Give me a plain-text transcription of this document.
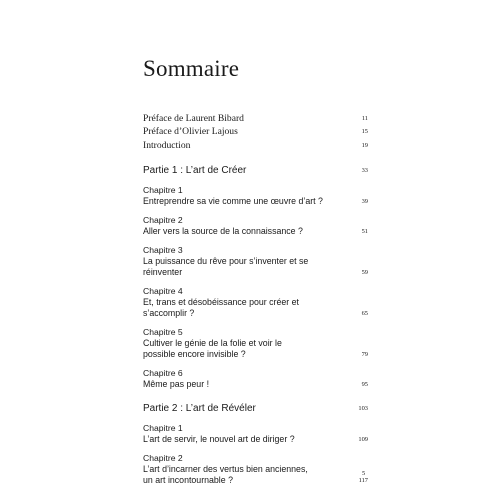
Sommaire
Préface de Laurent Bibard	11
Préface d’Olivier Lajous	15
Introduction	19
Partie 1 : L’art de Créer	33
Chapitre 1
Entreprendre sa vie comme une œuvre d’art ?	39
Chapitre 2
Aller vers la source de la connaissance ?	51
Chapitre 3
La puissance du rêve pour s’inventer et se réinventer	59
Chapitre 4
Et, trans et désobéissance pour créer et s’accomplir ?	65
Chapitre 5
Cultiver le génie de la folie et voir le possible encore invisible ?	79
Chapitre 6
Même pas peur !	95
Partie 2 : L’art de Révéler	103
Chapitre 1
L’art de servir, le nouvel art de diriger ?	109
Chapitre 2
L’art d’incarner des vertus bien anciennes, un art incontournable ?	117
5
